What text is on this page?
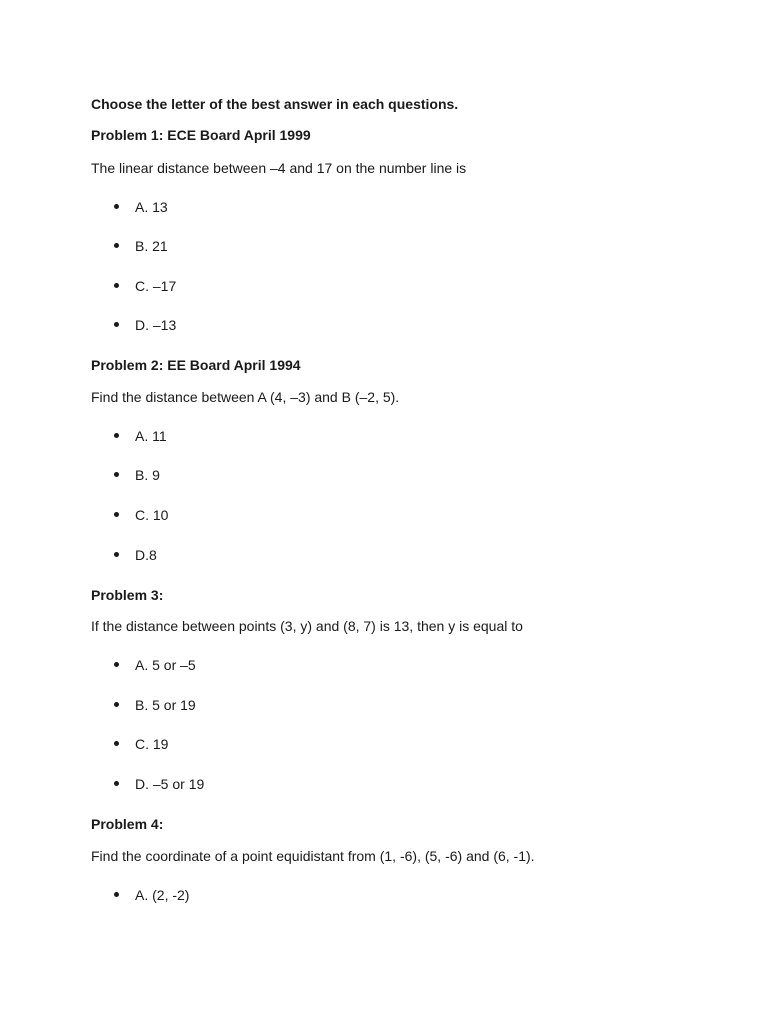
Choose the letter of the best answer in each questions.
Problem 1: ECE Board April 1999
The linear distance between –4 and 17 on the number line is
A. 13
B. 21
C. –17
D. –13
Problem 2: EE Board April 1994
Find the distance between A (4, –3) and B (–2, 5).
A. 11
B. 9
C. 10
D.8
Problem 3:
If the distance between points (3, y) and (8, 7) is 13, then y is equal to
A. 5 or –5
B. 5 or 19
C. 19
D. –5 or 19
Problem 4:
Find the coordinate of a point equidistant from (1, -6), (5, -6) and (6, -1).
A. (2, -2)
